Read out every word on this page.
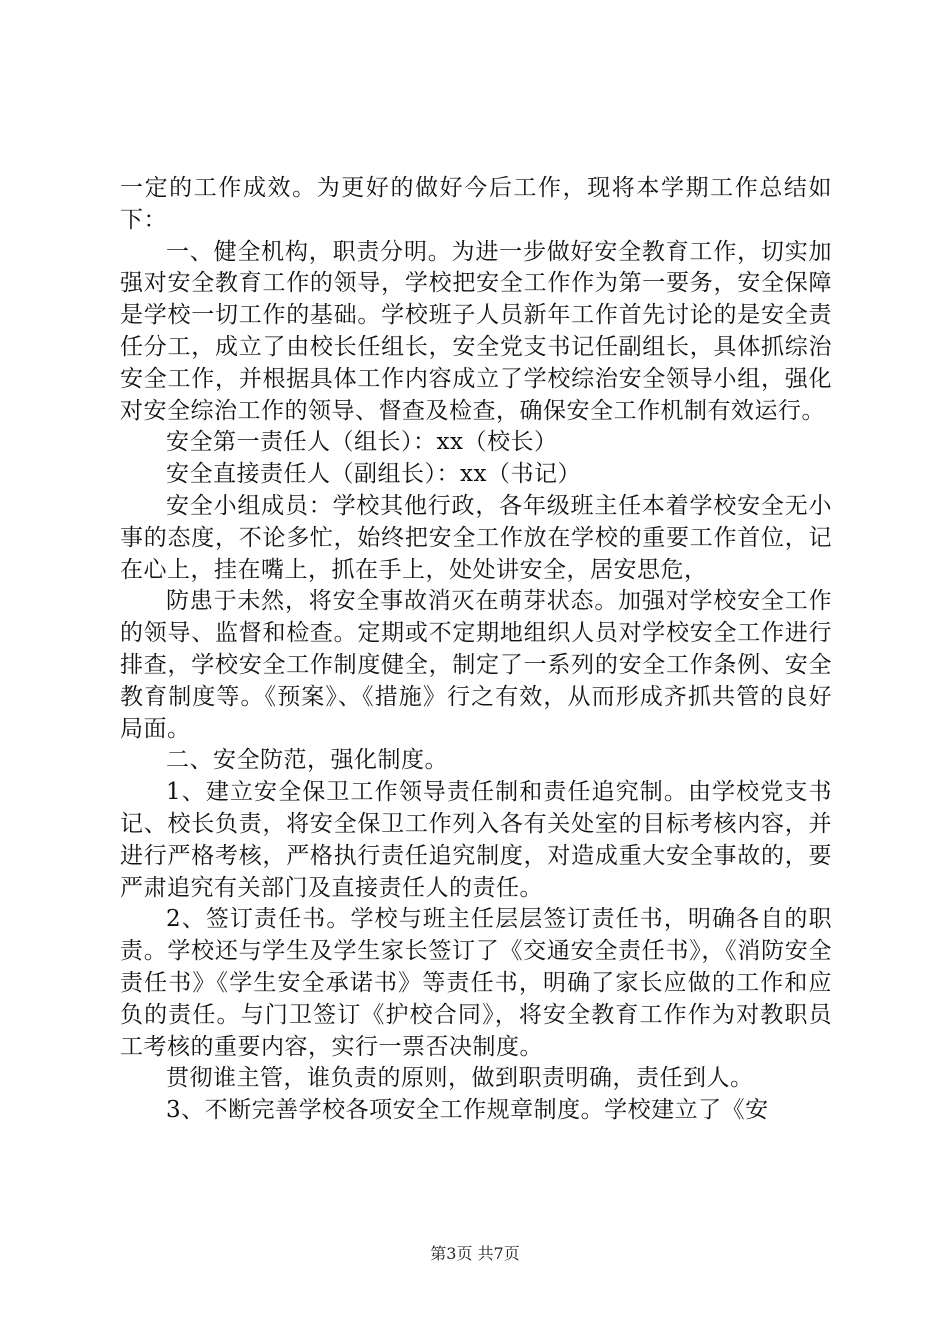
一定的工作成效。为更好的做好今后工作，现将本学期工作总结如下：

一、健全机构，职责分明。为进一步做好安全教育工作，切实加强对安全教育工作的领导，学校把安全工作作为第一要务，安全保障是学校一切工作的基础。学校班子人员新年工作首先讨论的是安全责任分工，成立了由校长任组长，安全党支书记任副组长，具体抓综治安全工作，并根据具体工作内容成立了学校综治安全领导小组，强化对安全综治工作的领导、督查及检查，确保安全工作机制有效运行。

安全第一责任人（组长）：xx（校长）

安全直接责任人（副组长）：xx（书记）

安全小组成员：学校其他行政，各年级班主任本着学校安全无小事的态度，不论多忙，始终把安全工作放在学校的重要工作首位，记在心上，挂在嘴上，抓在手上，处处讲安全，居安思危，

防患于未然，将安全事故消灭在萌芽状态。加强对学校安全工作的领导、监督和检查。定期或不定期地组织人员对学校安全工作进行排查，学校安全工作制度健全，制定了一系列的安全工作条例、安全教育制度等。《预案》、《措施》行之有效，从而形成齐抓共管的良好局面。

二、安全防范，强化制度。

1、建立安全保卫工作领导责任制和责任追究制。由学校党支书记、校长负责，将安全保卫工作列入各有关处室的目标考核内容，并进行严格考核，严格执行责任追究制度，对造成重大安全事故的，要严肃追究有关部门及直接责任人的责任。

2、签订责任书。学校与班主任层层签订责任书，明确各自的职责。学校还与学生及学生家长签订了《交通安全责任书》，《消防安全责任书》《学生安全承诺书》等责任书，明确了家长应做的工作和应负的责任。与门卫签订《护校合同》，将安全教育工作作为对教职员工考核的重要内容，实行一票否决制度。

贯彻谁主管，谁负责的原则，做到职责明确，责任到人。

3、不断完善学校各项安全工作规章制度。学校建立了《安

第3页 共7页
